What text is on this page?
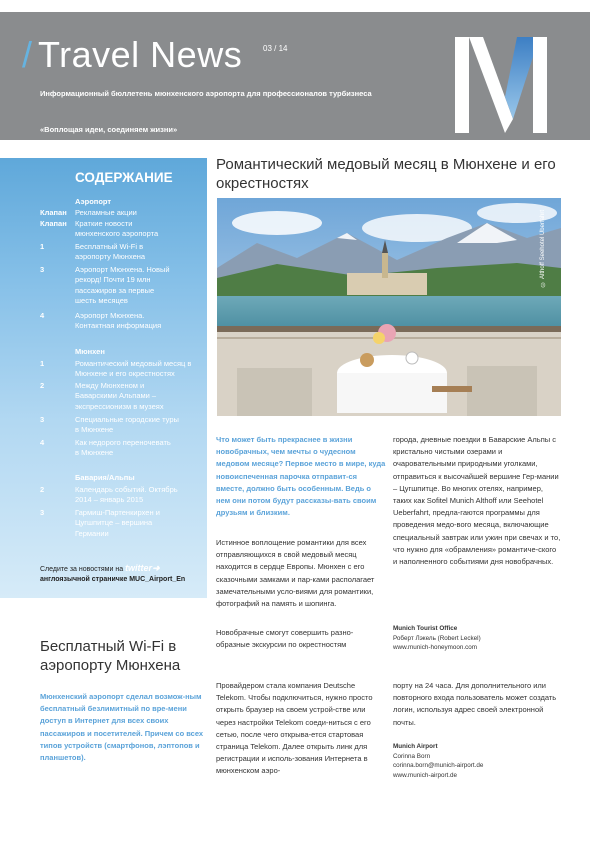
/ Travel News	03 / 14
Информационный бюллетень мюнхенского аэропорта для профессионалов турбизнеса
«Воплощая идеи, соединяем жизни»
СОДЕРЖАНИЕ
Аэропорт
Клапан Рекламные акции
Клапан Краткие новости мюнхенского аэропорта
1	Бесплатный Wi-Fi в аэропорту Мюнхена
3	Аэропорт Мюнхена. Новый рекорд! Почти 19 млн пассажиров за первые шесть месяцев
4	Аэропорт Мюнхена. Контактная информация
Мюнхен
1	Романтический медовый месяц в Мюнхене и его окрестностях
2	Между Мюнхеном и Баварскими Альпами – экспрессионизм в музеях
3	Специальные городские туры в Мюнхене
4	Как недорого переночевать в Мюнхене
Бавария/Альпы
2	Календарь событий. Октябрь 2014 – январь 2015
3	Гармиш-Партенкирхен и Цугшпитце – вершина Германии
Следите за новостями на twitter➜
англоязычной страничке MUC_Airport_En
Романтический медовый месяц в Мюнхене и его окрестностях
© Althoff Seehotel Überfahrt
Что может быть прекраснее в жизни новобрачных, чем мечты о чудесном медовом месяце? Первое место в мире, куда новоиспеченная парочка отправит-ся вместе, должно быть особенным. Ведь о нем они потом будут рассказы-вать своим друзьям и близким.
Истинное воплощение романтики для всех отправляющихся в свой медовый месяц находится в сердце Европы. Мюнхен с его сказочными замками и пар-ками располагает замечательными усло-виями для романтики, фотографий на память и шопинга.
Новобрачные смогут совершить разно-образные экскурсии по окрестностям
города, дневные поездки в Баварские Альпы с кристально чистыми озерами и очаровательными природными уголками, отправиться к высочайшей вершине Гер-мании – Цугшпитце. Во многих отелях, например, таких как Sofitel Munich Althoff или Seehotel Ueberfahrt, предла-гаются программы для проведения медо-вого месяца, включающие специальный завтрак или ужин при свечах и то, что нужно для «обрамления» романтиче-ского и наполненного событиями дня новобрачных.
Munich Tourist Office
Роберт Лэкель (Robert Leckel)
www.munich-honeymoon.com
Бесплатный Wi-Fi в аэропорту Мюнхена
Мюнхенский аэропорт сделал возмож-ным бесплатный безлимитный по вре-мени доступ в Интернет для всех своих пассажиров и посетителей. Причем со всех типов устройств (смартфонов, лэптопов и планшетов).
Провайдером стала компания Deutsche Telekom. Чтобы подключиться, нужно просто открыть браузер на своем устрой-стве или через настройки Telekom соеди-ниться с его сетью, после чего открыва-ется стартовая страница Telekom. Далее открыть линк для регистрации и исполь-зования Интернета в мюнхенском аэро-
порту на 24 часа. Для дополнительного или повторного входа пользователь может создать логин, используя адрес своей электронной почты.
Munich Airport
Corinna Born
corinna.born@munich-airport.de
www.munich-airport.de
